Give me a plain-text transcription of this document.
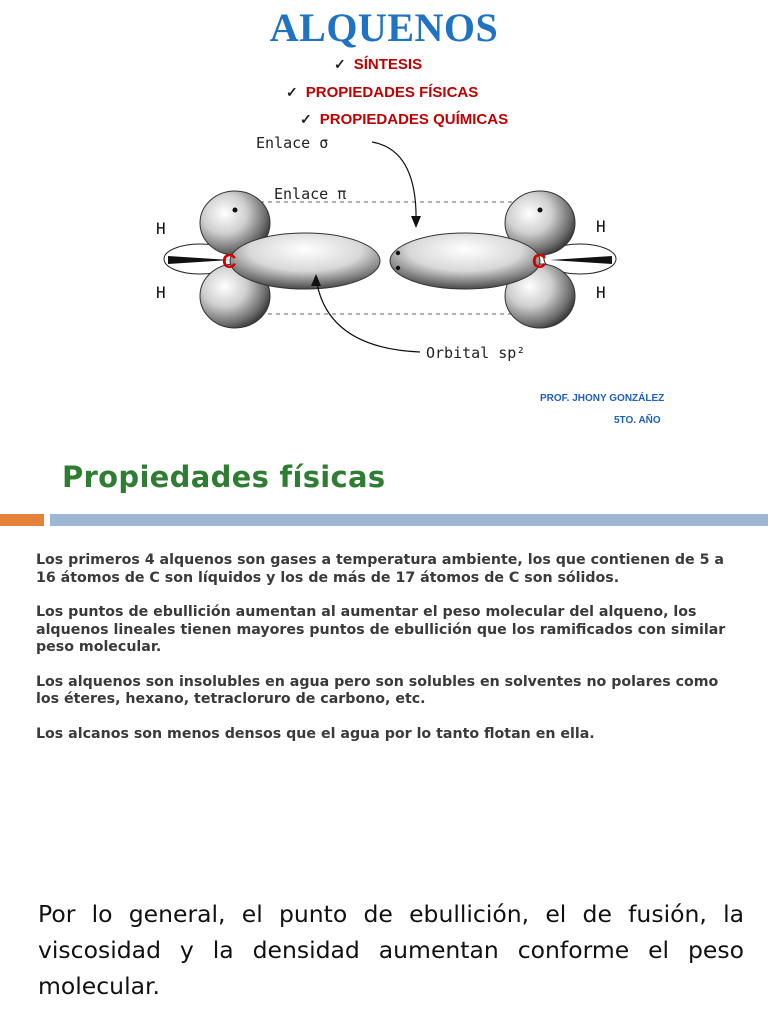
ALQUENOS
✓ SÍNTESIS
✓ PROPIEDADES FÍSICAS
✓ PROPIEDADES QUÍMICAS
C	C
H
H
H
H
Enlace σ
Enlace π
Orbital sp²
PROF. JHONY GONZÁLEZ
5TO. AÑO
Propiedades físicas

Los primeros 4 alquenos son gases a temperatura ambiente, los que contienen de 5 a 16 átomos de C son líquidos y los de más de 17 átomos de C son sólidos.

Los puntos de ebullición aumentan al aumentar el peso molecular del alqueno, los alquenos lineales tienen mayores puntos de ebullición que los ramificados con similar peso molecular.

Los alquenos son insolubles en agua pero son solubles en solventes no polares como los éteres, hexano, tetracloruro de carbono, etc.

Los alcanos son menos densos que el agua por lo tanto flotan en ella.

Por lo general, el punto de ebullición, el de fusión, la viscosidad y la densidad aumentan conforme el peso molecular.
